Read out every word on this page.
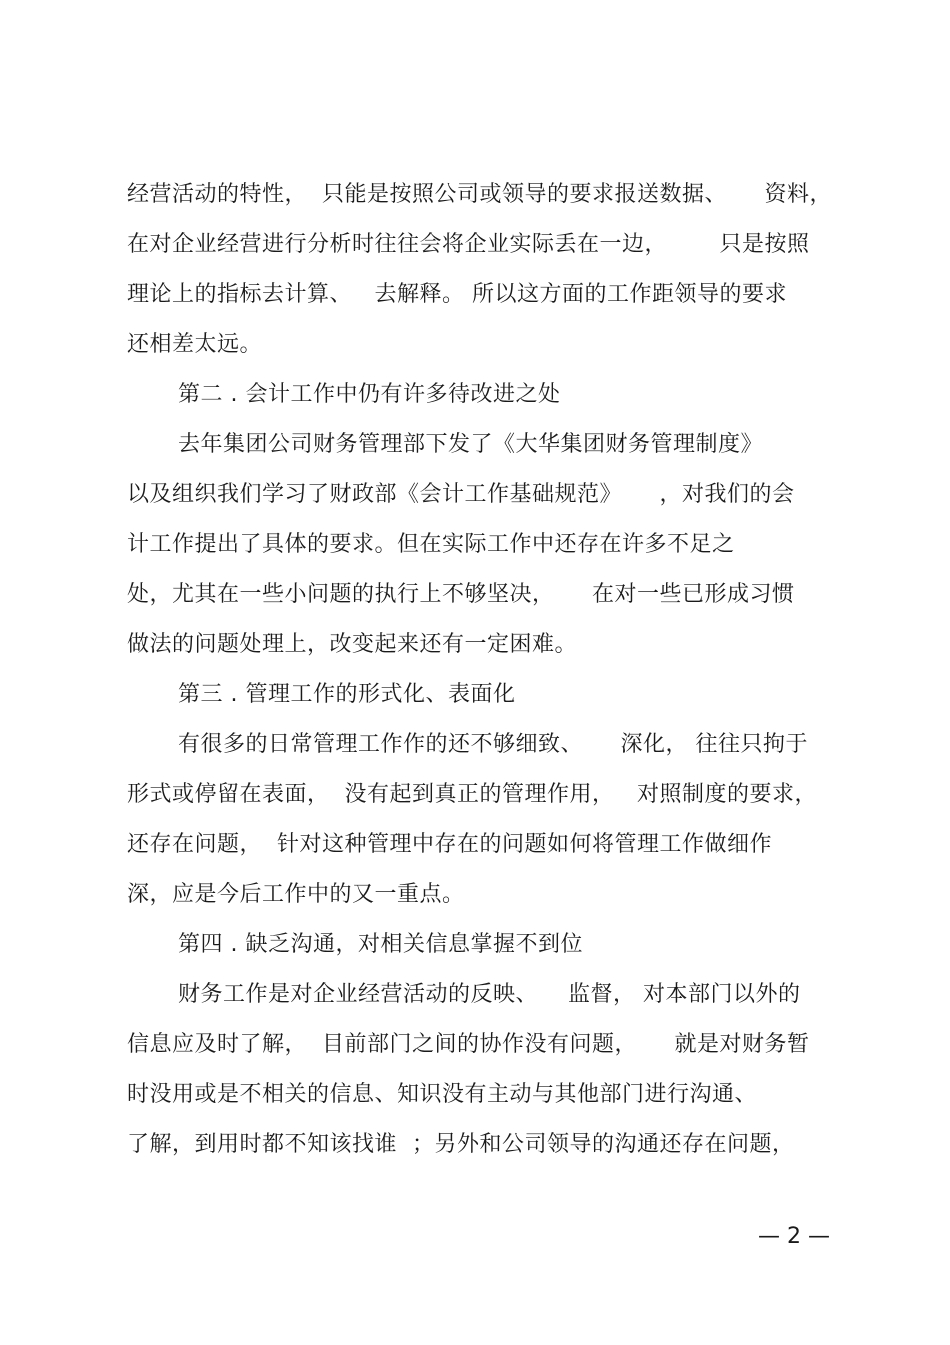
经营活动的特性，  只能是按照公司或领导的要求报送数据、     资料，
在对企业经营进行分析时往往会将企业实际丢在一边，       只是按照
理论上的指标去计算、   去解释。 所以这方面的工作距领导的要求
还相差太远。
第二 . 会计工作中仍有许多待改进之处
去年集团公司财务管理部下发了《大华集团财务管理制度》
以及组织我们学习了财政部《会计工作基础规范》     ，对我们的会
计工作提出了具体的要求。但在实际工作中还存在许多不足之
处，尤其在一些小问题的执行上不够坚决，     在对一些已形成习惯
做法的问题处理上，改变起来还有一定困难。
第三 . 管理工作的形式化、表面化
有很多的日常管理工作作的还不够细致、     深化， 往往只拘于
形式或停留在表面，  没有起到真正的管理作用，   对照制度的要求，
还存在问题，  针对这种管理中存在的问题如何将管理工作做细作
深，应是今后工作中的又一重点。
第四 . 缺乏沟通，对相关信息掌握不到位
财务工作是对企业经营活动的反映、    监督， 对本部门以外的
信息应及时了解，  目前部门之间的协作没有问题，     就是对财务暂
时没用或是不相关的信息、知识没有主动与其他部门进行沟通、
了解，到用时都不知该找谁  ；另外和公司领导的沟通还存在问题，
— 2 —
